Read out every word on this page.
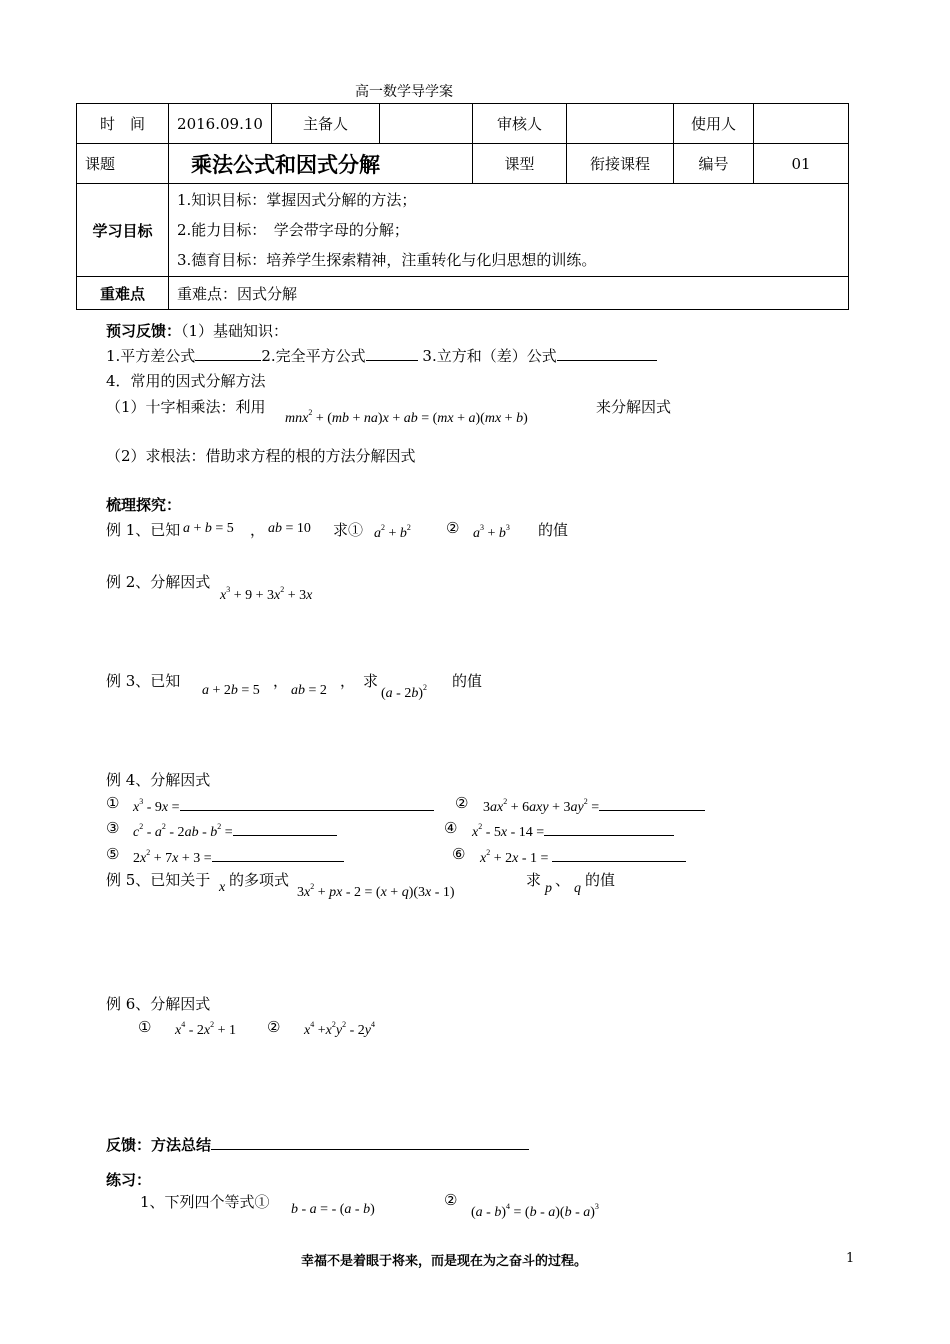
高一数学导学案
时　间	2016.09.10	主备人		审核人		使用人	
课题	乘法公式和因式分解			课型	衔接课程	编号	01
学习目标	1.知识目标：掌握因式分解的方法；
2.能力目标：　学会带字母的分解；
3.德育目标：培养学生探索精神，注重转化与化归思想的训练。						

重难点	重难点：因式分解						
预习反馈：（1）基础知识：
1.平方差公式	2.完全平方公式	3.立方和（差）公式
4．常用的因式分解方法
（1）十字相乘法：利用
mnx$^2$ + (mb + na)x + ab = (mx + a)(mx + b)
来分解因式
（2）求根法：借助求方程的根的方法分解因式
梳理探究：
例 1、已知 a + b = 5 ， ab = 10 求① $a^2 + b^2$ ② $a^3 + b^3$ 的值
例 2、分解因式
$x^3 + 9 + 3x^2 + 3x$
例 3、已知
a + 2b = 5
，
ab = 2
， 求
(a - 2b)$^2$ 的值
例 4、分解因式
① $x^3 - 9x$ =	② $3ax^2 + 6axy + 3ay^2$ =
③ $c^2 - a^2 - 2ab - b^2$ =	④ $x^2 - 5x - 14$ =
⑤ $2x^2 + 7x + 3$ =	⑥ $x^2 + 2x - 1$ =
例 5、已知关于 x 的多项式
$3x^2$ + px - 2 = (x + q)(3x - 1)
求 p 、 q 的值
例 6、分解因式
① $x^4 - 2x^2 + 1$ ② $x^4 +x^2y^2 - 2y^4$
反馈：方法总结
练习：
1、下列四个等式① b - a = - (a - b)
②
(a - b)$^4$ = (b - a)(b - a)$^3$
幸福不是着眼于将来，而是现在为之奋斗的过程。	1
